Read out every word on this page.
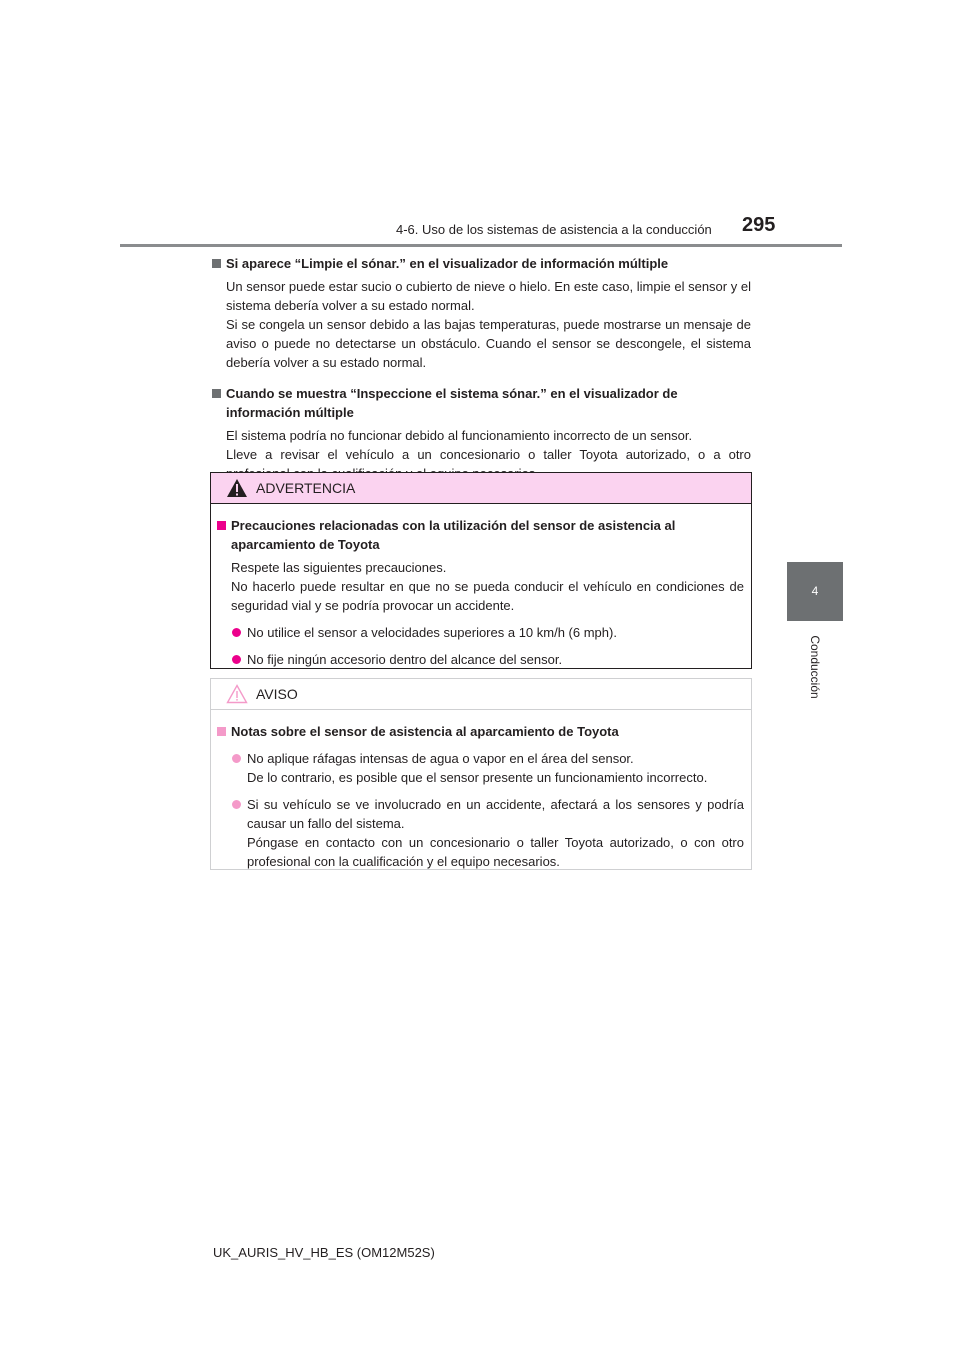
4-6. Uso de los sistemas de asistencia a la conducción 295
4
Conducción
Si aparece “Limpie el sónar.” en el visualizador de información múltiple

Un sensor puede estar sucio o cubierto de nieve o hielo. En este caso, limpie el sensor y el sistema debería volver a su estado normal.

Si se congela un sensor debido a las bajas temperaturas, puede mostrarse un mensaje de aviso o puede no detectarse un obstáculo. Cuando el sensor se descongele, el sistema debería volver a su estado normal.

Cuando se muestra “Inspeccione el sistema sónar.” en el visualizador de información múltiple

El sistema podría no funcionar debido al funcionamiento incorrecto de un sensor.

Lleve a revisar el vehículo a un concesionario o taller Toyota autorizado, o a otro

ADVERTENCIA
Precauciones relacionadas con la utilización del sensor de asistencia al aparcamiento de Toyota

Respete las siguientes precauciones.

No hacerlo puede resultar en que no se pueda conducir el vehículo en condiciones de seguridad vial y se podría provocar un accidente.

No utilice el sensor a velocidades superiores a 10 km/h (6 mph).

No fije ningún accesorio dentro del alcance del sensor.

AVISO
Notas sobre el sensor de asistencia al aparcamiento de Toyota

No aplique ráfagas intensas de agua o vapor en el área del sensor.

De lo contrario, es posible que el sensor presente un funcionamiento incorrecto.

Si su vehículo se ve involucrado en un accidente, afectará a los sensores y podría causar un fallo del sistema.

Póngase en contacto con un concesionario o taller Toyota autorizado, o con otro profesional con la cualificación y el equipo necesarios.

UK_AURIS_HV_HB_ES (OM12M52S)
